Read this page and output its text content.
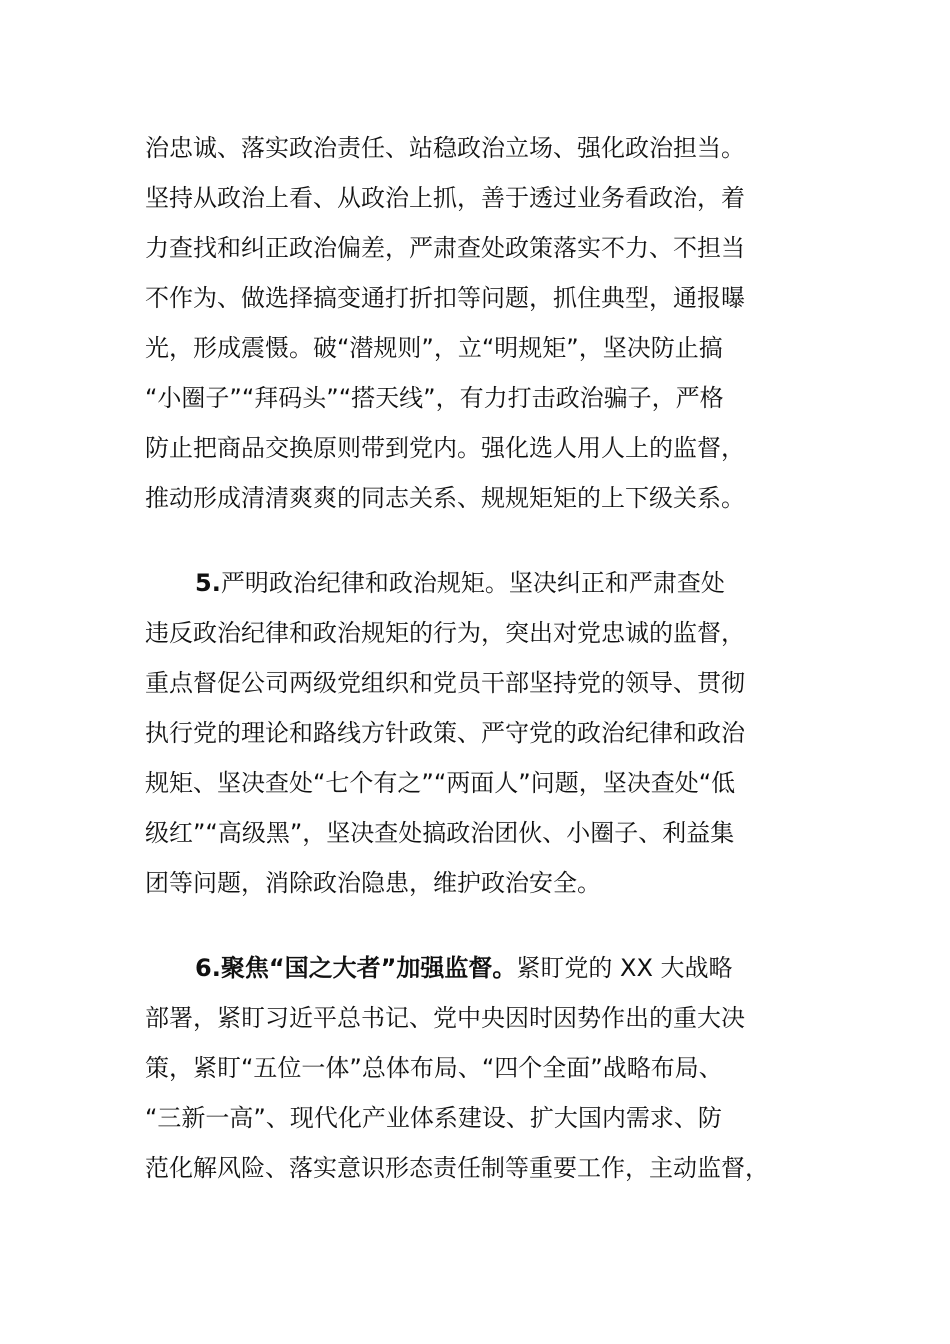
治忠诚、落实政治责任、站稳政治立场、强化政治担当。
坚持从政治上看、从政治上抓，善于透过业务看政治，着
力查找和纠正政治偏差，严肃查处政策落实不力、不担当
不作为、做选择搞变通打折扣等问题，抓住典型，通报曝
光，形成震慑。破“潜规则”，立“明规矩”，坚决防止搞
“小圈子”“拜码头”“搭天线”，有力打击政治骗子，严格
防止把商品交换原则带到党内。强化选人用人上的监督，
推动形成清清爽爽的同志关系、规规矩矩的上下级关系。
5.严明政治纪律和政治规矩。坚决纠正和严肃查处
违反政治纪律和政治规矩的行为，突出对党忠诚的监督，
重点督促公司两级党组织和党员干部坚持党的领导、贯彻
执行党的理论和路线方针政策、严守党的政治纪律和政治
规矩、坚决查处“七个有之”“两面人”问题，坚决查处“低
级红”“高级黑”，坚决查处搞政治团伙、小圈子、利益集
团等问题，消除政治隐患，维护政治安全。
6.聚焦“国之大者”加强监督。紧盯党的 XX 大战略
部署，紧盯习近平总书记、党中央因时因势作出的重大决
策，紧盯“五位一体”总体布局、“四个全面”战略布局、
“三新一高”、现代化产业体系建设、扩大国内需求、防
范化解风险、落实意识形态责任制等重要工作，主动监督，
